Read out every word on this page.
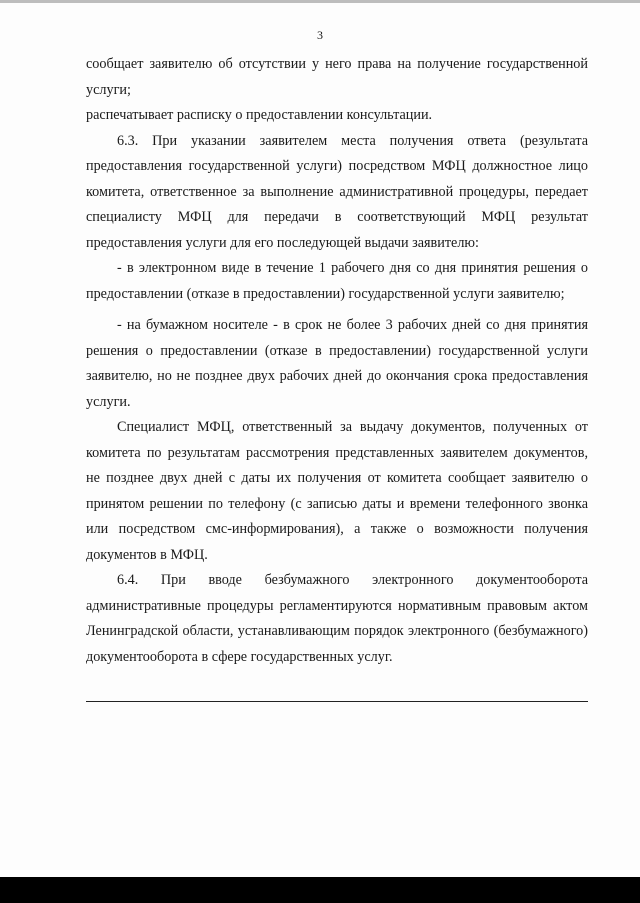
3

сообщает заявителю об отсутствии у него права на получение государственной услуги;

распечатывает расписку о предоставлении консультации.

6.3. При указании заявителем места получения ответа (результата предоставления государственной услуги) посредством МФЦ должностное лицо комитета, ответственное за выполнение административной процедуры, передает специалисту МФЦ для передачи в соответствующий МФЦ результат предоставления услуги для его последующей выдачи заявителю:

- в электронном виде в течение 1 рабочего дня со дня принятия решения о предоставлении (отказе в предоставлении) государственной услуги заявителю;

- на бумажном носителе - в срок не более 3 рабочих дней со дня принятия решения о предоставлении (отказе в предоставлении) государственной услуги заявителю, но не позднее двух рабочих дней до окончания срока предоставления услуги.

Специалист МФЦ, ответственный за выдачу документов, полученных от комитета по результатам рассмотрения представленных заявителем документов, не позднее двух дней с даты их получения от комитета сообщает заявителю о принятом решении по телефону (с записью даты и времени телефонного звонка или посредством смс-информирования), а также о возможности получения документов в МФЦ.

6.4. При вводе безбумажного электронного документооборота административные процедуры регламентируются нормативным правовым актом Ленинградской области, устанавливающим порядок электронного (безбумажного) документооборота в сфере государственных услуг.
